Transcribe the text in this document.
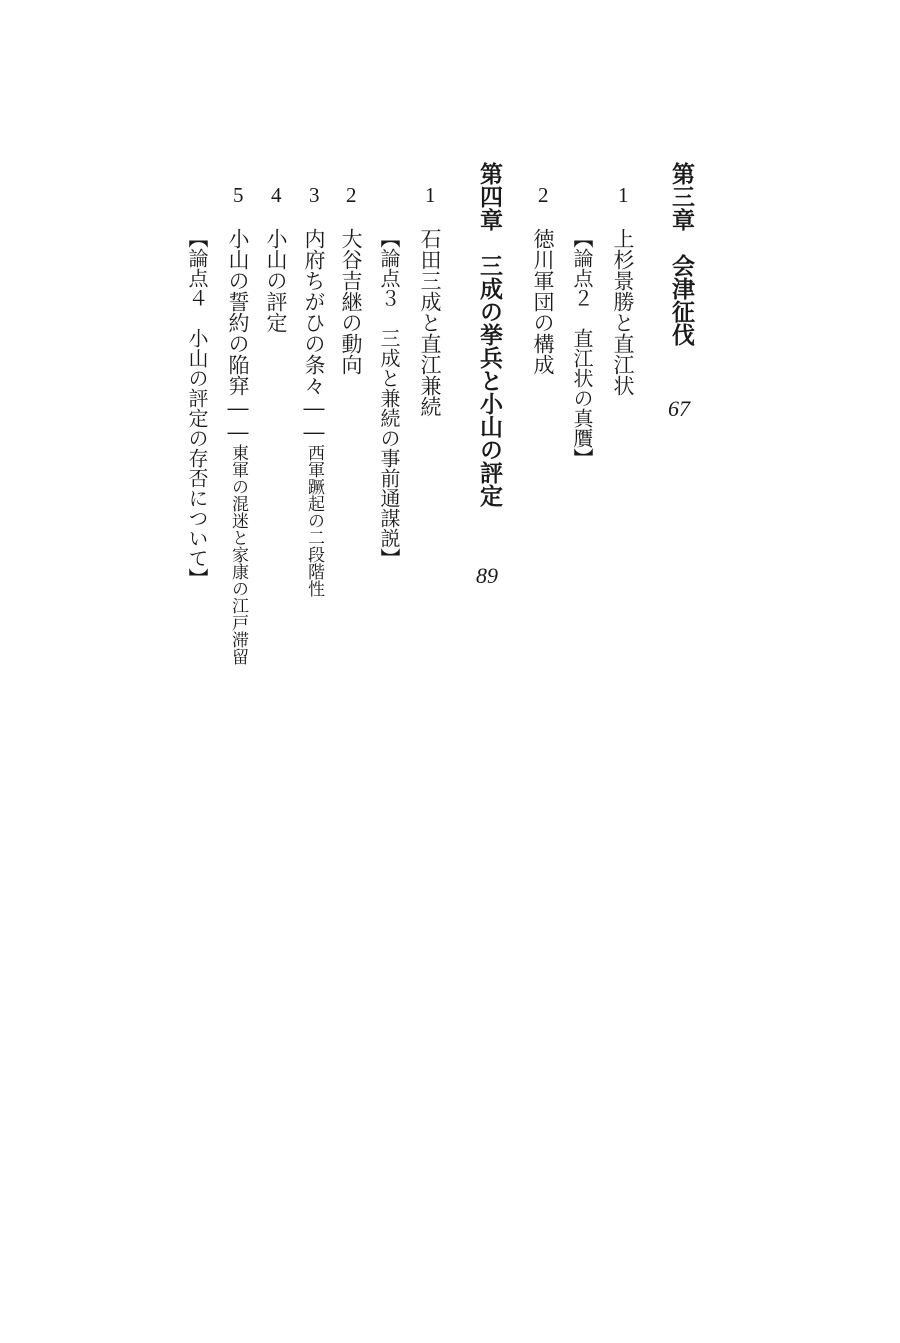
第三章会津征伐
67
1
上杉景勝と直江状
【論点２　直江状の真贋】
2
徳川軍団の構成
第四章三成の挙兵と小山の評定
89
1
石田三成と直江兼続
【論点３　三成と兼続の事前通謀説】
2
大谷吉継の動向
3
内府ちがひの条々――西軍蹶起の二段階性
4
小山の評定
5
小山の誓約の陥穽――東軍の混迷と家康の江戸滞留
【論点４　小山の評定の存否について】
